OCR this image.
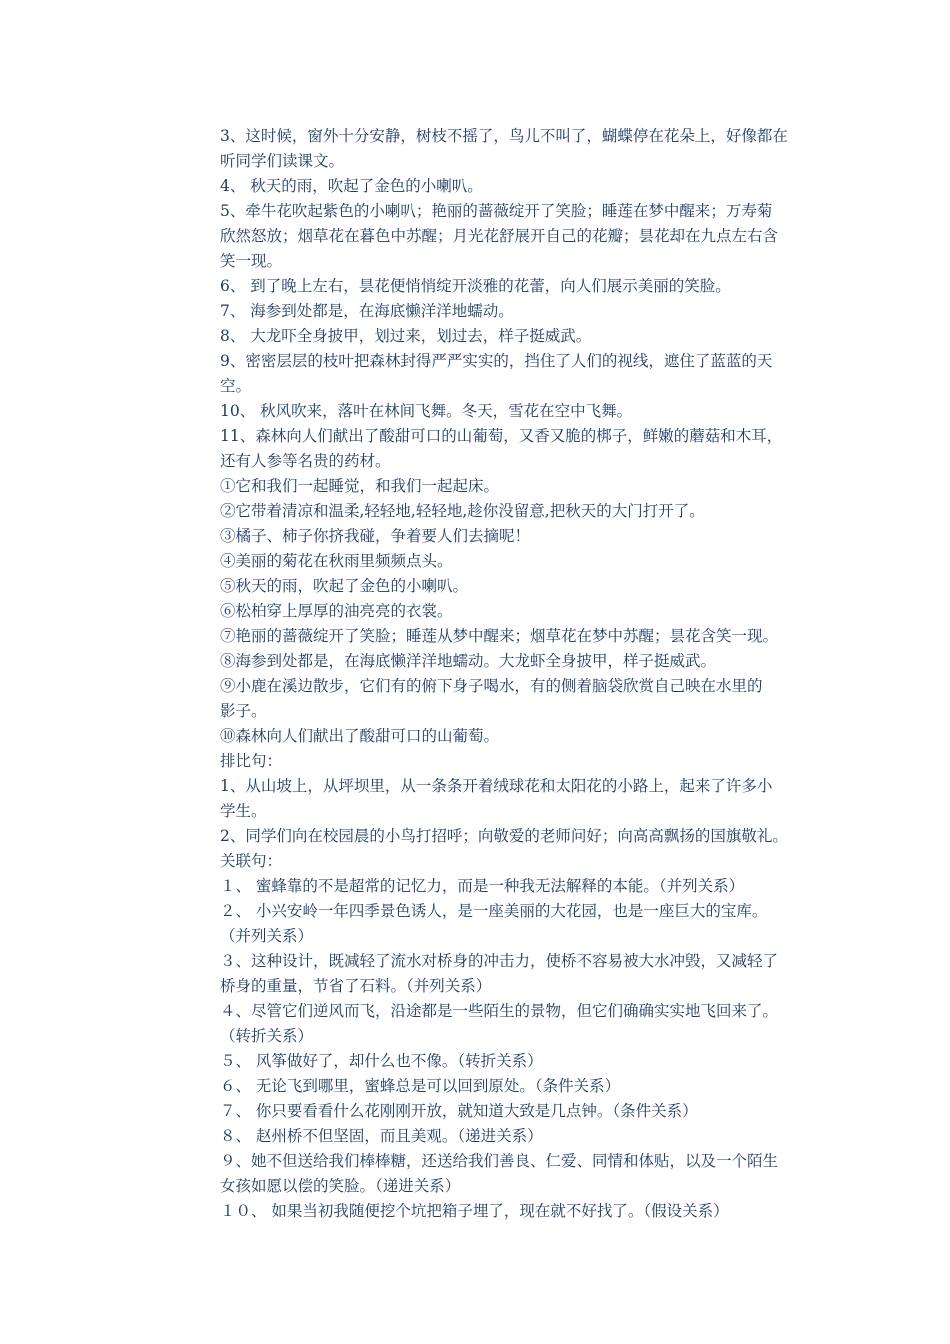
3、这时候，窗外十分安静，树枝不摇了，鸟儿不叫了，蝴蝶停在花朵上，好像都在
听同学们读课文。
4、 秋天的雨，吹起了金色的小喇叭。
5、牵牛花吹起紫色的小喇叭；艳丽的蔷薇绽开了笑脸；睡莲在梦中醒来；万寿菊
欣然怒放；烟草花在暮色中苏醒；月光花舒展开自己的花瓣；昙花却在九点左右含
笑一现。
6、 到了晚上左右，昙花便悄悄绽开淡雅的花蕾，向人们展示美丽的笑脸。
7、 海参到处都是，在海底懒洋洋地蠕动。
8、 大龙吓全身披甲，划过来，划过去，样子挺威武。
9、密密层层的枝叶把森林封得严严实实的，挡住了人们的视线，遮住了蓝蓝的天
空。
10、 秋风吹来，落叶在林间飞舞。冬天，雪花在空中飞舞。
11、森林向人们献出了酸甜可口的山葡萄，又香又脆的梆子，鲜嫩的蘑菇和木耳，
还有人参等名贵的药材。
①它和我们一起睡觉，和我们一起起床。
②它带着清凉和温柔,轻轻地,轻轻地,趁你没留意,把秋天的大门打开了。
③橘子、柿子你挤我碰，争着要人们去摘呢！
④美丽的菊花在秋雨里频频点头。
⑤秋天的雨，吹起了金色的小喇叭。
⑥松柏穿上厚厚的油亮亮的衣裳。
⑦艳丽的蔷薇绽开了笑脸；睡莲从梦中醒来；烟草花在梦中苏醒；昙花含笑一现。
⑧海参到处都是，在海底懒洋洋地蠕动。大龙虾全身披甲，样子挺威武。
⑨小鹿在溪边散步，它们有的俯下身子喝水，有的侧着脑袋欣赏自己映在水里的
影子。
⑩森林向人们献出了酸甜可口的山葡萄。
排比句：
1、从山坡上，从坪坝里，从一条条开着绒球花和太阳花的小路上，起来了许多小
学生。
2、同学们向在校园晨的小鸟打招呼；向敬爱的老师问好；向高高飘扬的国旗敬礼。
关联句：
１、 蜜蜂靠的不是超常的记忆力，而是一种我无法解释的本能。（并列关系）
２、 小兴安岭一年四季景色诱人，是一座美丽的大花园，也是一座巨大的宝库。
（并列关系）
３、这种设计，既减轻了流水对桥身的冲击力，使桥不容易被大水冲毁，又减轻了
桥身的重量，节省了石料。（并列关系）
４、尽管它们逆风而飞，沿途都是一些陌生的景物，但它们确确实实地飞回来了。
（转折关系）
５、 风筝做好了，却什么也不像。（转折关系）
６、 无论飞到哪里，蜜蜂总是可以回到原处。（条件关系）
７、 你只要看看什么花刚刚开放，就知道大致是几点钟。（条件关系）
８、 赵州桥不但坚固，而且美观。（递进关系）
９、她不但送给我们棒棒糖，还送给我们善良、仁爱、同情和体贴，以及一个陌生
女孩如愿以偿的笑脸。（递进关系）
１０、 如果当初我随便挖个坑把箱子埋了，现在就不好找了。（假设关系）
